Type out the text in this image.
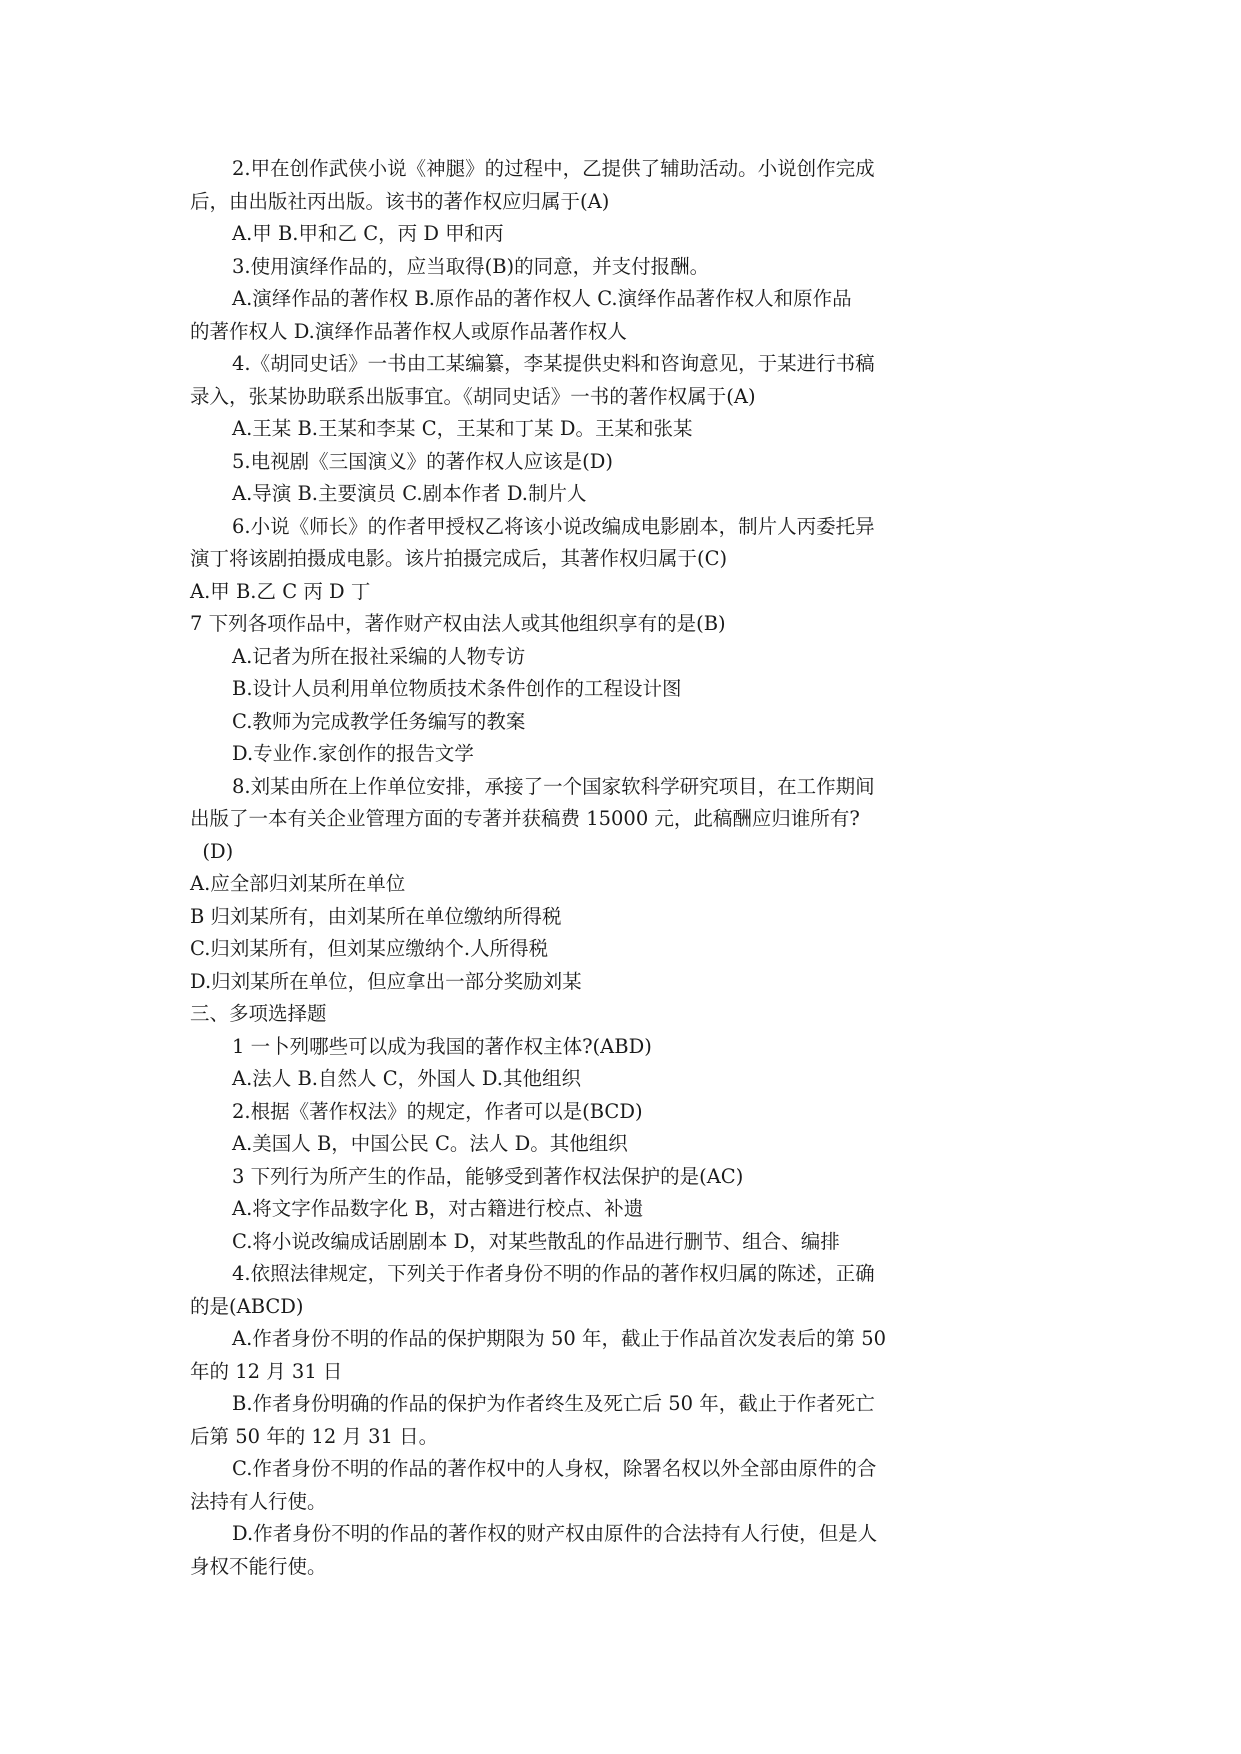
2.甲在创作武侠小说《神腿》的过程中，乙提供了辅助活动。小说创作完成
后，由出版社丙出版。该书的著作权应归属于(A)
A.甲 B.甲和乙 C，丙 D 甲和丙
3.使用演绎作品的，应当取得(B)的同意，并支付报酬。
A.演绎作品的著作权 B.原作品的著作权人 C.演绎作品著作权人和原作品
的著作权人 D.演绎作品著作权人或原作品著作权人
4.《胡同史话》一书由工某编纂，李某提供史料和咨询意见，于某进行书稿
录入，张某协助联系出版事宜。《胡同史话》一书的著作权属于(A)
A.王某 B.王某和李某 C，王某和丁某 D。王某和张某
5.电视剧《三国演义》的著作权人应该是(D)
A.导演 B.主要演员 C.剧本作者 D.制片人
6.小说《师长》的作者甲授权乙将该小说改编成电影剧本，制片人丙委托异
演丁将该剧拍摄成电影。该片拍摄完成后，其著作权归属于(C)
A.甲 B.乙 C 丙 D 丁
7 下列各项作品中，著作财产权由法人或其他组织享有的是(B)
A.记者为所在报社采编的人物专访
B.设计人员利用单位物质技术条件创作的工程设计图
C.教师为完成教学任务编写的教案
D.专业作.家创作的报告文学
8.刘某由所在上作单位安排，承接了一个国家软科学研究项目，在工作期间
出版了一本有关企业管理方面的专著并获稿费 15000 元，此稿酬应归谁所有?
(D)
A.应全部归刘某所在单位
B 归刘某所有，由刘某所在单位缴纳所得税
C.归刘某所有，但刘某应缴纳个.人所得税
D.归刘某所在单位，但应拿出一部分奖励刘某
三、多项选择题
1 一卜列哪些可以成为我国的著作权主体?(ABD)
A.法人 B.自然人 C，外国人 D.其他组织
2.根据《著作权法》的规定，作者可以是(BCD)
A.美国人 B，中国公民 C。法人 D。其他组织
3 下列行为所产生的作品，能够受到著作权法保护的是(AC)
A.将文字作品数字化 B，对古籍进行校点、补遗
C.将小说改编成话剧剧本 D，对某些散乱的作品进行删节、组合、编排
4.依照法律规定，下列关于作者身份不明的作品的著作权归属的陈述，正确
的是(ABCD)
A.作者身份不明的作品的保护期限为 50 年，截止于作品首次发表后的第 50
年的 12 月 31 日
B.作者身份明确的作品的保护为作者终生及死亡后 50 年，截止于作者死亡
后第 50 年的 12 月 31 日。
C.作者身份不明的作品的著作权中的人身权，除署名权以外全部由原件的合
法持有人行使。
D.作者身份不明的作品的著作权的财产权由原件的合法持有人行使，但是人
身权不能行使。
